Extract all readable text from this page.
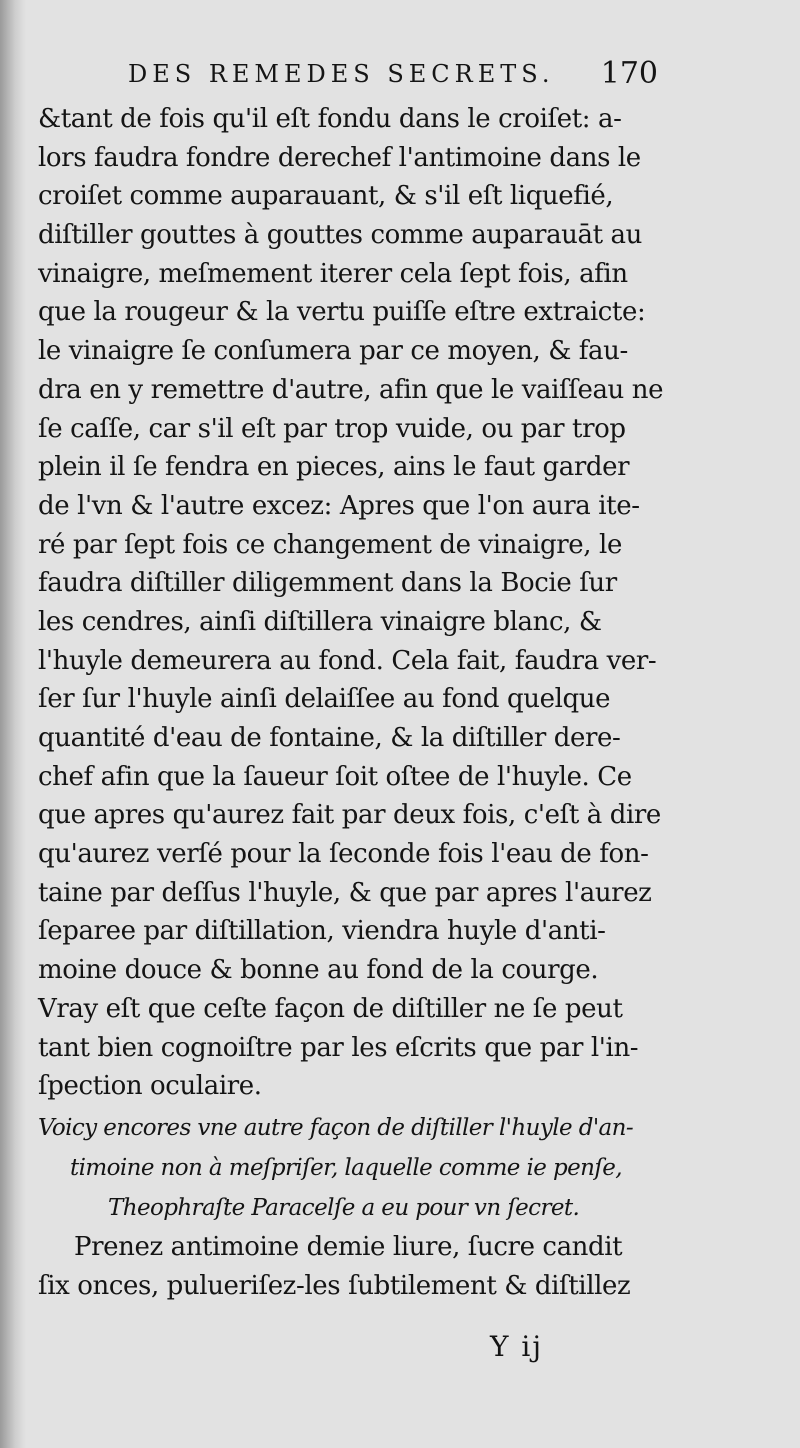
DES REMEDES SECRETS. 170
&tant de fois qu'il eſt fondu dans le croiſet: a-
lors faudra fondre derechef l'antimoine dans le
croiſet comme auparauant, & s'il eſt liquefié,
diſtiller gouttes à gouttes comme auparauāt au
vinaigre, meſmement iterer cela ſept fois, afin
que la rougeur & la vertu puiſſe eſtre extraicte:
le vinaigre ſe conſumera par ce moyen, & fau-
dra en y remettre d'autre, afin que le vaiſſeau ne
ſe caſſe, car s'il eſt par trop vuide, ou par trop
plein il ſe fendra en pieces, ains le faut garder
de l'vn & l'autre excez: Apres que l'on aura ite-
ré par ſept fois ce changement de vinaigre, le
faudra diſtiller diligemment dans la Bocie ſur
les cendres, ainſi diſtillera vinaigre blanc, &
l'huyle demeurera au fond. Cela fait, faudra ver-
ſer ſur l'huyle ainſi delaiſſee au fond quelque
quantité d'eau de fontaine, & la diſtiller dere-
chef afin que la ſaueur ſoit oſtee de l'huyle. Ce
que apres qu'aurez fait par deux fois, c'eſt à dire
qu'aurez verſé pour la ſeconde fois l'eau de fon-
taine par deſſus l'huyle, & que par apres l'aurez
ſeparee par diſtillation, viendra huyle d'anti-
moine douce & bonne au fond de la courge.
Vray eſt que ceſte façon de diſtiller ne ſe peut
tant bien cognoiſtre par les eſcrits que par l'in-
ſpection oculaire.
Voicy encores vne autre façon de diſtiller l'huyle d'an-
timoine non à meſpriſer, laquelle comme ie penſe,
Theophraſte Paracelſe a eu pour vn ſecret.
Prenez antimoine demie liure, ſucre candit
ſix onces, pulueriſez-les ſubtilement & diſtillez
Y ij
